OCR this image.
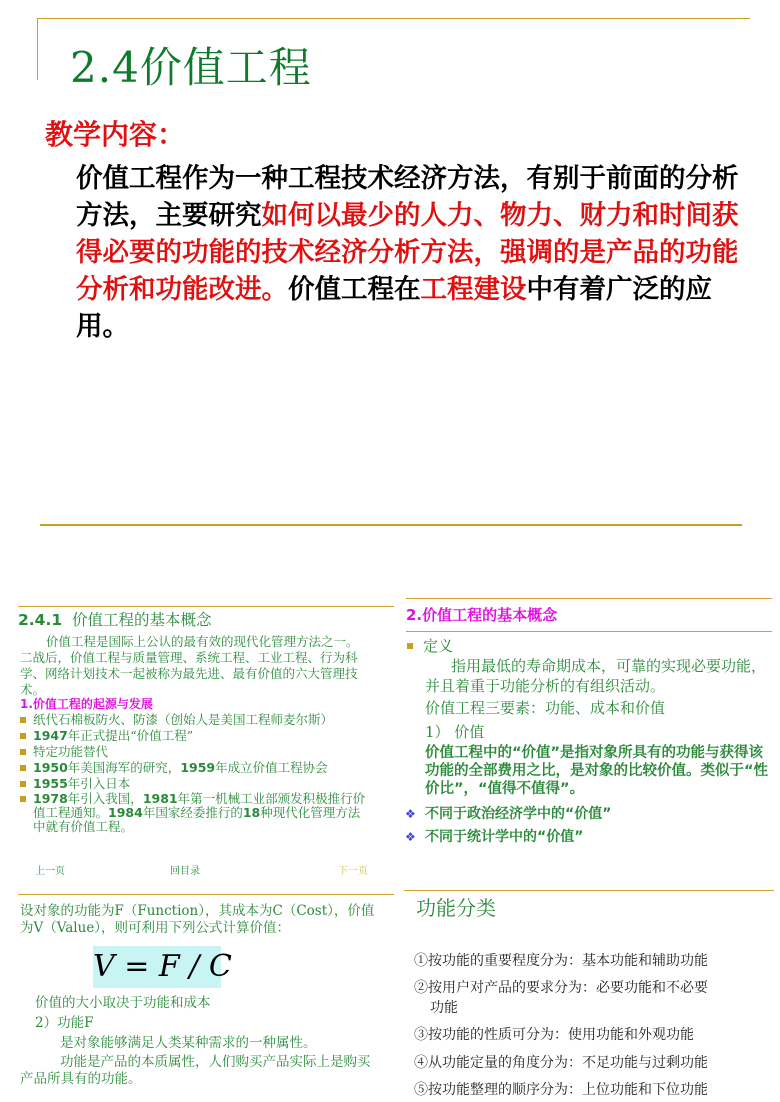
2.4价值工程
教学内容：
价值工程作为一种工程技术经济方法，有别于前面的分析方法，主要研究如何以最少的人力、物力、财力和时间获得必要的功能的技术经济分析方法，强调的是产品的功能分析和功能改进。价值工程在工程建设中有着广泛的应用。
2.4.1 价值工程的基本概念
价值工程是国际上公认的最有效的现代化管理方法之一。二战后，价值工程与质量管理、系统工程、工业工程、行为科学、网络计划技术一起被称为最先进、最有价值的六大管理技术。
1.价值工程的起源与发展
纸代石棉板防火、防漆（创始人是美国工程师麦尔斯）
1947年正式提出“价值工程”
特定功能替代
1950年美国海军的研究，1959年成立价值工程协会
1955年引入日本
1978年引入我国，1981年第一机械工业部颁发积极推行价值工程通知。1984年国家经委推行的18种现代化管理方法中就有价值工程。
上一页	回目录	下一页
2.价值工程的基本概念
定义
指用最低的寿命期成本，可靠的实现必要功能，并且着重于功能分析的有组织活动。
价值工程三要素：功能、成本和价值
1） 价值
价值工程中的“价值”是指对象所具有的功能与获得该功能的全部费用之比，是对象的比较价值。类似于“性价比”，“值得不值得”。
❖ 不同于政治经济学中的“价值”
❖ 不同于统计学中的“价值”
设对象的功能为F（Function），其成本为C（Cost），价值为V（Value），则可利用下列公式计算价值：
V = F / C
价值的大小取决于功能和成本
2）功能F
是对象能够满足人类某种需求的一种属性。
功能是产品的本质属性，人们购买产品实际上是购买产品所具有的功能。
功能分类
①按功能的重要程度分为：基本功能和辅助功能
②按用户对产品的要求分为：必要功能和不必要
功能
③按功能的性质可分为：使用功能和外观功能
④从功能定量的角度分为：不足功能与过剩功能
⑤按功能整理的顺序分为：上位功能和下位功能
